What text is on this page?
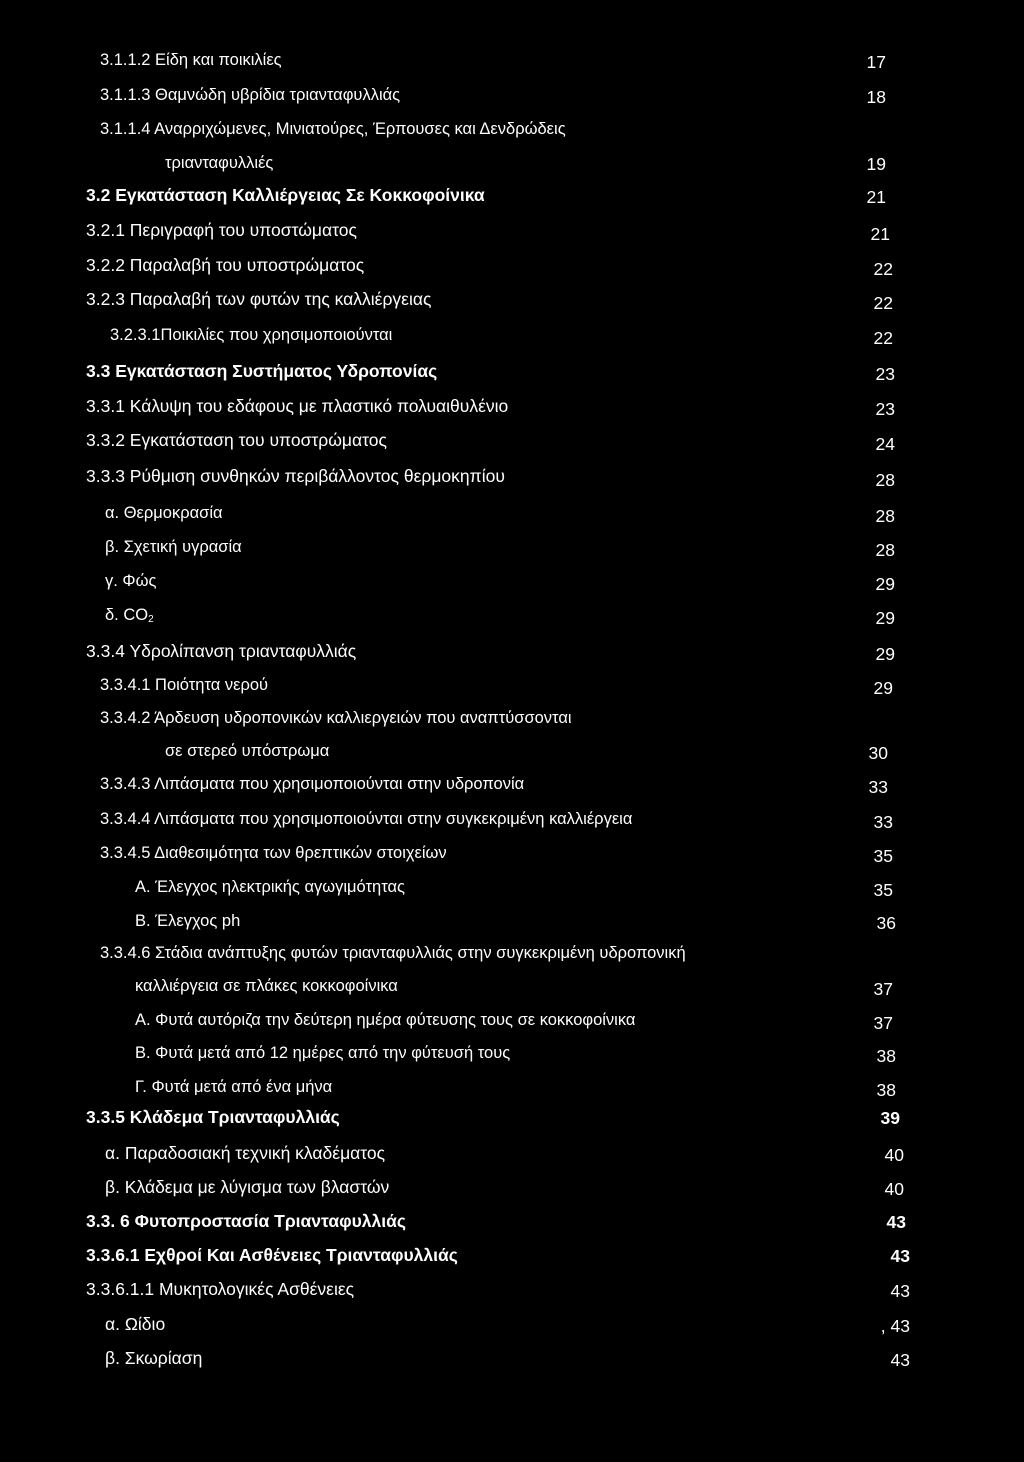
3.1.1.2 Είδη και ποικιλίες	17
3.1.1.3 Θαμνώδη υβρίδια τριανταφυλλιάς	18
3.1.1.4 Αναρριχώμενες, Μινιατούρες, Έρπουσες και Δενδρώδεις
τριανταφυλλιές	19
3.2 Εγκατάσταση Καλλιέργειας Σε Κοκκοφοίνικα	21
3.2.1 Περιγραφή του υποστώματος	21
3.2.2 Παραλαβή του υποστρώματος	22
3.2.3 Παραλαβή των φυτών της καλλιέργειας	22
3.2.3.1Ποικιλίες που χρησιμοποιούνται	22
3.3 Εγκατάσταση Συστήματος Υδροπονίας	23
3.3.1 Κάλυψη του εδάφους με πλαστικό πολυαιθυλένιο	23
3.3.2 Εγκατάσταση του υποστρώματος	24
3.3.3 Ρύθμιση συνθηκών περιβάλλοντος θερμοκηπίου	28
α. Θερμοκρασία	28
β. Σχετική υγρασία	28
γ. Φώς	29
δ. $CO_2$	29
3.3.4 Υδρολίπανση τριανταφυλλιάς	29
3.3.4.1 Ποιότητα νερού	29
3.3.4.2 Άρδευση υδροπονικών καλλιεργειών που αναπτύσσονται
σε στερεό υπόστρωμα	30
3.3.4.3 Λιπάσματα που χρησιμοποιούνται στην υδροπονία	33
3.3.4.4 Λιπάσματα που χρησιμοποιούνται στην συγκεκριμένη καλλιέργεια	33
3.3.4.5 Διαθεσιμότητα των θρεπτικών στοιχείων	35
Α. Έλεγχος ηλεκτρικής αγωγιμότητας	35
Β. Έλεγχος ph	36
3.3.4.6 Στάδια ανάπτυξης φυτών τριανταφυλλιάς στην συγκεκριμένη υδροπονική
καλλιέργεια σε πλάκες κοκκοφοίνικα	37
Α. Φυτά αυτόριζα την δεύτερη ημέρα φύτευσης τους σε κοκκοφοίνικα	37
Β. Φυτά μετά από 12 ημέρες από την φύτευσή τους	38
Γ. Φυτά μετά από ένα μήνα	38
3.3.5 Κλάδεμα Τριανταφυλλιάς	39
α. Παραδοσιακή τεχνική κλαδέματος	40
β. Κλάδεμα με λύγισμα των βλαστών	40
3.3. 6 Φυτοπροστασία Τριανταφυλλιάς	43
3.3.6.1 Εχθροί Και Ασθένειες Τριανταφυλλιάς	43
3.3.6.1.1 Μυκητολογικές Ασθένειες	43
α. Ωίδιο	, 43
β. Σκωρίαση	43
